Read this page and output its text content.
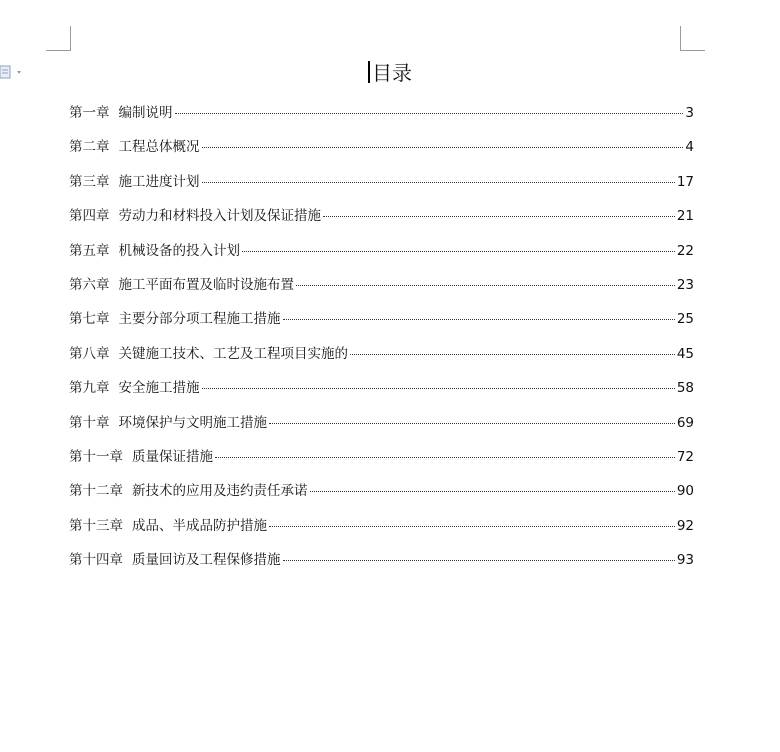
目录
第一章 编制说明	3
第二章 工程总体概况	4
第三章 施工进度计划	17
第四章 劳动力和材料投入计划及保证措施	21
第五章 机械设备的投入计划	22
第六章 施工平面布置及临时设施布置	23
第七章 主要分部分项工程施工措施	25
第八章 关键施工技术、工艺及工程项目实施的	45
第九章 安全施工措施	58
第十章 环境保护与文明施工措施	69
第十一章 质量保证措施	72
第十二章 新技术的应用及违约责任承诺	90
第十三章 成品、半成品防护措施	92
第十四章 质量回访及工程保修措施	93
